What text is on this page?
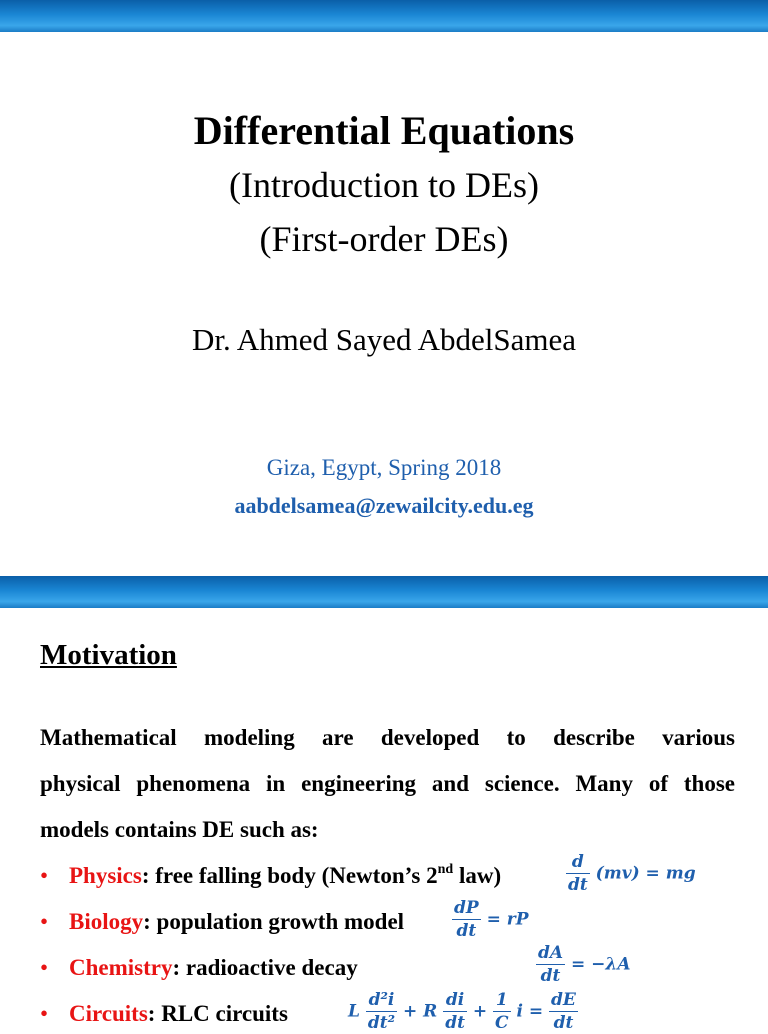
Differential Equations
(Introduction to DEs)
(First-order DEs)
Dr. Ahmed Sayed AbdelSamea
Giza, Egypt, Spring 2018
aabdelsamea@zewailcity.edu.eg
Motivation
Mathematical modeling are developed to describe various
physical phenomena in engineering and science. Many of those
models contains DE such as:
• Physics: free falling body (Newton’s 2nd law)
• Biology: population growth model
• Chemistry: radioactive decay
• Circuits: RLC circuits
$\frac{d}{dt} (mv)$ = mg
$\frac{dP}{dt}$ = rP
$\frac{dA}{dt} = -\lambda A$
L $\frac{\text{d²i}}{\text{dt²}} + R \frac{di}{dt} + \frac{1}{C}$ $i = \frac{dE}{dt}$
